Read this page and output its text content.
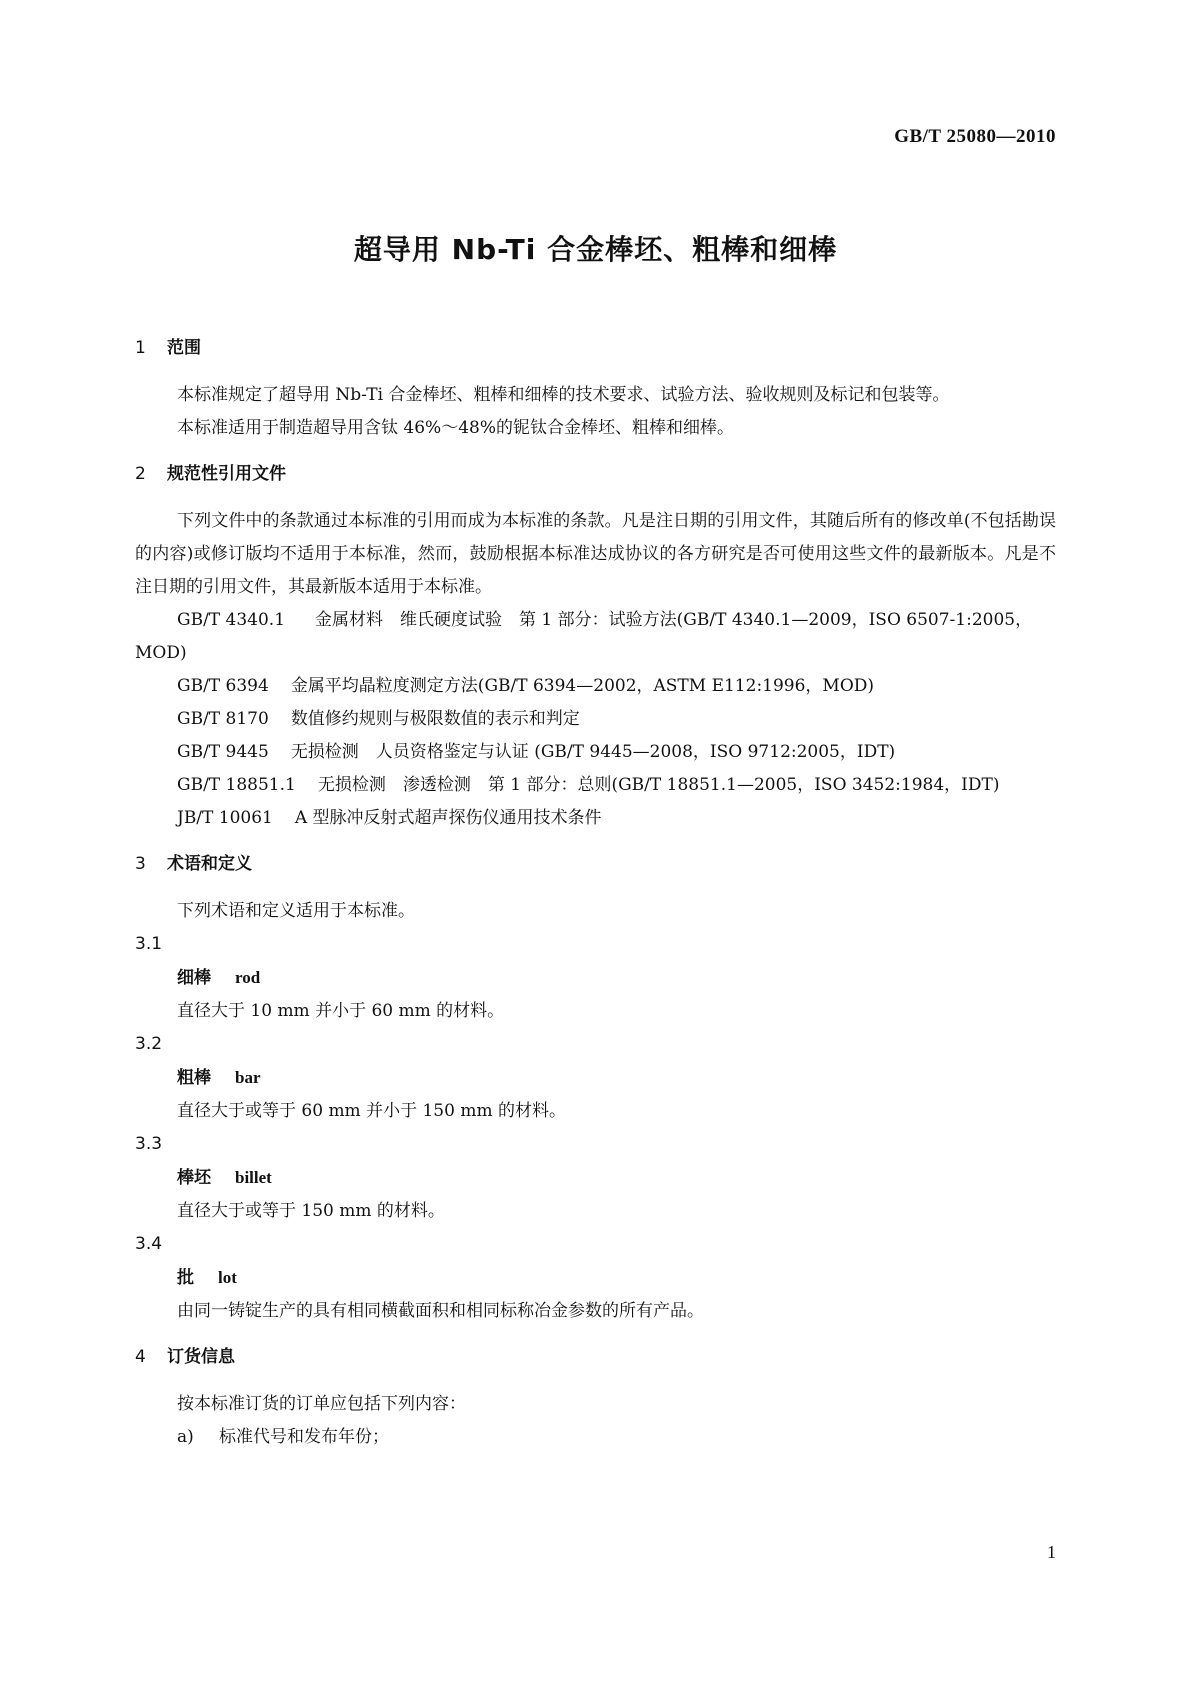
GB/T 25080—2010
超导用 Nb-Ti 合金棒坯、粗棒和细棒
1 范围

本标准规定了超导用 Nb-Ti 合金棒坯、粗棒和细棒的技术要求、试验方法、验收规则及标记和包装等。

本标准适用于制造超导用含钛 46%～48%的铌钛合金棒坯、粗棒和细棒。

2 规范性引用文件

下列文件中的条款通过本标准的引用而成为本标准的条款。凡是注日期的引用文件，其随后所有的修改单(不包括勘误的内容)或修订版均不适用于本标准，然而，鼓励根据本标准达成协议的各方研究是否可使用这些文件的最新版本。凡是不注日期的引用文件，其最新版本适用于本标准。

GB/T 4340.1 金属材料　维氏硬度试验　第 1 部分：试验方法(GB/T 4340.1—2009，ISO 6507-1:2005，MOD)

GB/T 6394 金属平均晶粒度测定方法(GB/T 6394—2002，ASTM E112:1996，MOD)

GB/T 8170 数值修约规则与极限数值的表示和判定

GB/T 9445 无损检测　人员资格鉴定与认证 (GB/T 9445—2008，ISO 9712:2005，IDT)

GB/T 18851.1 无损检测　渗透检测　第 1 部分：总则(GB/T 18851.1—2005，ISO 3452:1984，IDT)

JB/T 10061 A 型脉冲反射式超声探伤仪通用技术条件

3 术语和定义

下列术语和定义适用于本标准。

3.1

细棒 rod

直径大于 10 mm 并小于 60 mm 的材料。

3.2

粗棒 bar

直径大于或等于 60 mm 并小于 150 mm 的材料。

3.3

棒坯 billet

直径大于或等于 150 mm 的材料。

3.4

批 lot

由同一铸锭生产的具有相同横截面积和相同标称冶金参数的所有产品。

4 订货信息

按本标准订货的订单应包括下列内容：

a) 标准代号和发布年份；

1
